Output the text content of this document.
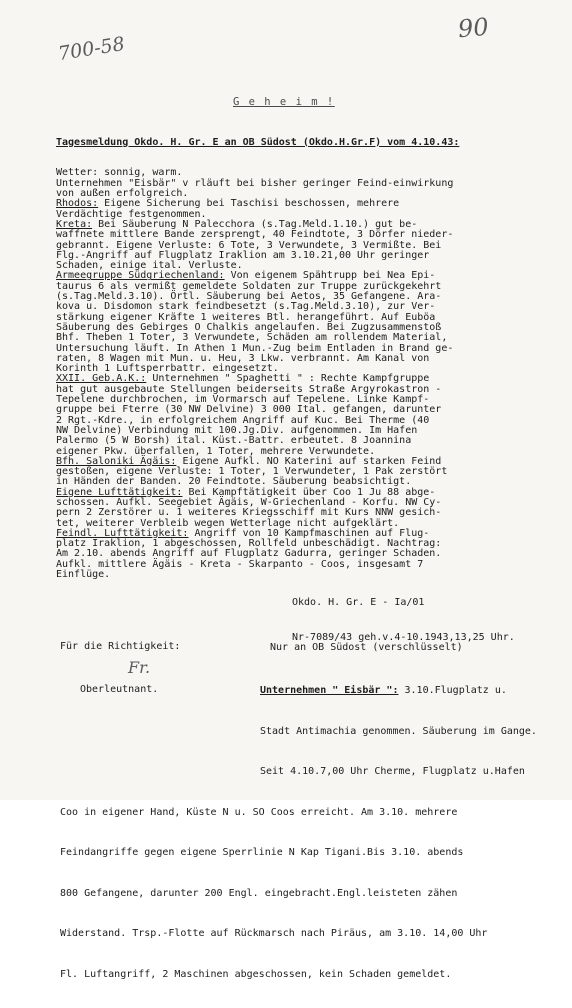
90
700-58
G e h e i m !

Tagesmeldung Okdo. H. Gr. E an OB Südost (Okdo.H.Gr.F) vom 4.10.43:

Wetter: sonnig, warm.
Unternehmen "Eisbär" v rläuft bei bisher geringer Feind-einwirkung
von außen erfolgreich.
Rhodos: Eigene Sicherung bei Taschisi beschossen, mehrere
Verdächtige festgenommen.
Kreta: Bei Säuberung N Palecchora (s.Tag.Meld.1.10.) gut be-
waffnete mittlere Bande zersprengt, 40 Feindtote, 3 Dörfer nieder-
gebrannt. Eigene Verluste: 6 Tote, 3 Verwundete, 3 Vermißte. Bei
Flg.-Angriff auf Flugplatz Iraklion am 3.10.21,00 Uhr geringer
Schaden, einige ital. Verluste.
Armeegruppe Südgriechenland: Von eigenem Spähtrupp bei Nea Epi-
taurus 6 als vermißt gemeldete Soldaten zur Truppe zurückgekehrt
(s.Tag.Meld.3.10). Örtl. Säuberung bei Aetos, 35 Gefangene. Ara-
kova u. Disdomon stark feindbesetzt (s.Tag.Meld.3.10), zur Ver-
stärkung eigener Kräfte 1 weiteres Btl. herangeführt. Auf Euböa
Säuberung des Gebirges O Chalkis angelaufen. Bei Zugzusammenstoß
Bhf. Theben 1 Toter, 3 Verwundete, Schäden am rollendem Material,
Untersuchung läuft. In Athen 1 Mun.-Zug beim Entladen in Brand ge-
raten, 8 Wagen mit Mun. u. Heu, 3 Lkw. verbrannt. Am Kanal von
Korinth 1 Luftsperrbattr. eingesetzt.
XXII. Geb.A.K.: Unternehmen " Spaghetti " : Rechte Kampfgruppe
hat gut ausgebaute Stellungen beiderseits Straße Argyrokastron -
Tepelene durchbrochen, im Vormarsch auf Tepelene. Linke Kampf-
gruppe bei Fterre (30 NW Delvine) 3 000 Ital. gefangen, darunter
2 Rgt.-Kdre., in erfolgreichem Angriff auf Kuc. Bei Therme (40
NW Delvine) Verbindung mit 100.Jg.Div. aufgenommen. Im Hafen
Palermo (5 W Borsh) ital. Küst.-Battr. erbeutet. 8 Joannina
eigener Pkw. überfallen, 1 Toter, mehrere Verwundete.
Bfh. Saloniki Ägäis: Eigene Aufkl. NO Katerini auf starken Feind
gestoßen, eigene Verluste: 1 Toter, 1 Verwundeter, 1 Pak zerstört
in Händen der Banden. 20 Feindtote. Säuberung beabsichtigt.
Eigene Lufttätigkeit: Bei Kampftätigkeit über Coo 1 Ju 88 abge-
schossen. Aufkl. Seegebiet Ägäis, W-Griechenland - Korfu. NW Cy-
pern 2 Zerstörer u. 1 weiteres Kriegsschiff mit Kurs NNW gesich-
tet, weiterer Verbleib wegen Wetterlage nicht aufgeklärt.
Feindl. Lufttätigkeit: Angriff von 10 Kampfmaschinen auf Flug-
platz Iraklion, 1 abgeschossen, Rollfeld unbeschädigt. Nachtrag:
Am 2.10. abends Angriff auf Flugplatz Gadurra, geringer Schaden.
Aufkl. mittlere Ägäis - Kreta - Skarpanto - Coos, insgesamt 7
Einflüge.

Okdo. H. Gr. E - Ia/01

Nr-7089/43 geh.v.4-10.1943,13,25 Uhr.

Für die Richtigkeit:
Fr.
Nur an OB Südost (verschlüsselt)

Unternehmen " Eisbär ": 3.10.Flugplatz u.

Stadt Antimachia genommen. Säuberung im Gange.

Seit 4.10.7,00 Uhr Cherme, Flugplatz u.Hafen

Coo in eigener Hand, Küste N u. SO Coos erreicht. Am 3.10. mehrere

Feindangriffe gegen eigene Sperrlinie N Kap Tigani.Bis 3.10. abends

800 Gefangene, darunter 200 Engl. eingebracht.Engl.leisteten zähen

Widerstand. Trsp.-Flotte auf Rückmarsch nach Piräus, am 3.10. 14,00 Uhr

Fl. Luftangriff, 2 Maschinen abgeschossen, kein Schaden gemeldet.

Oberleutnant.
